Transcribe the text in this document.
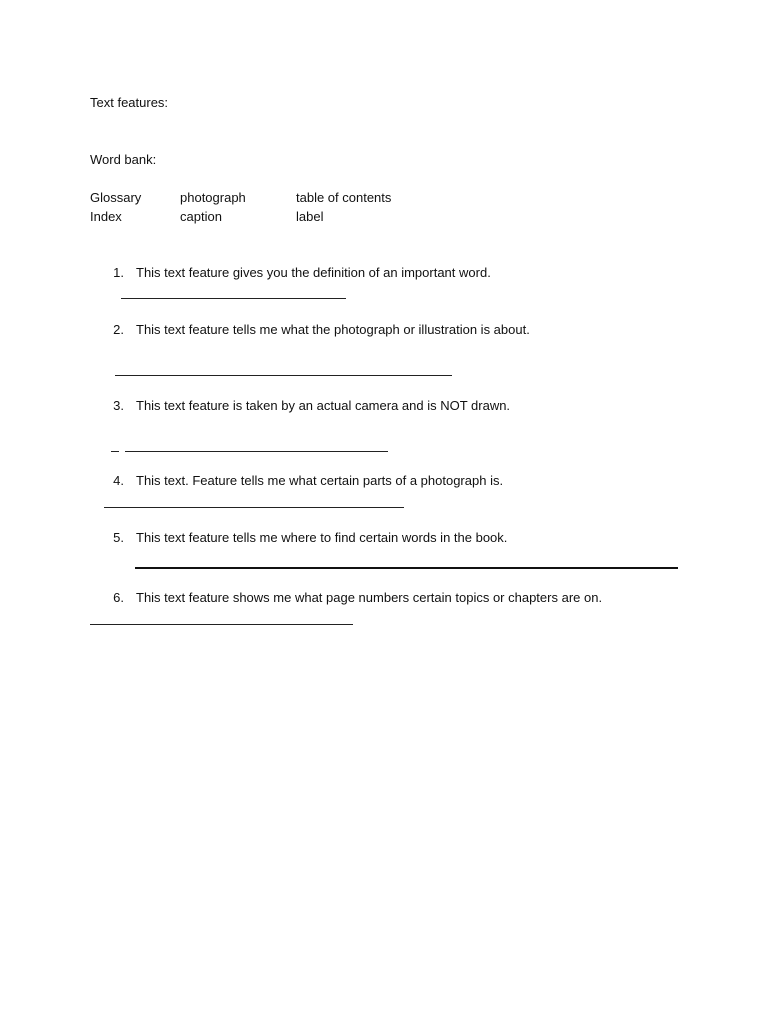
Text features:
Word bank:
Glossary	photograph	table of contents
Index	caption	label
1. This text feature gives you the definition of an important word.
2. This text feature tells me what the photograph or illustration is about.
3. This text feature is taken by an actual camera and is NOT drawn.
4. This text. Feature tells me what certain parts of a photograph is.
5. This text feature tells me where to find certain words in the book.
6. This text feature shows me what page numbers certain topics or chapters are on.
